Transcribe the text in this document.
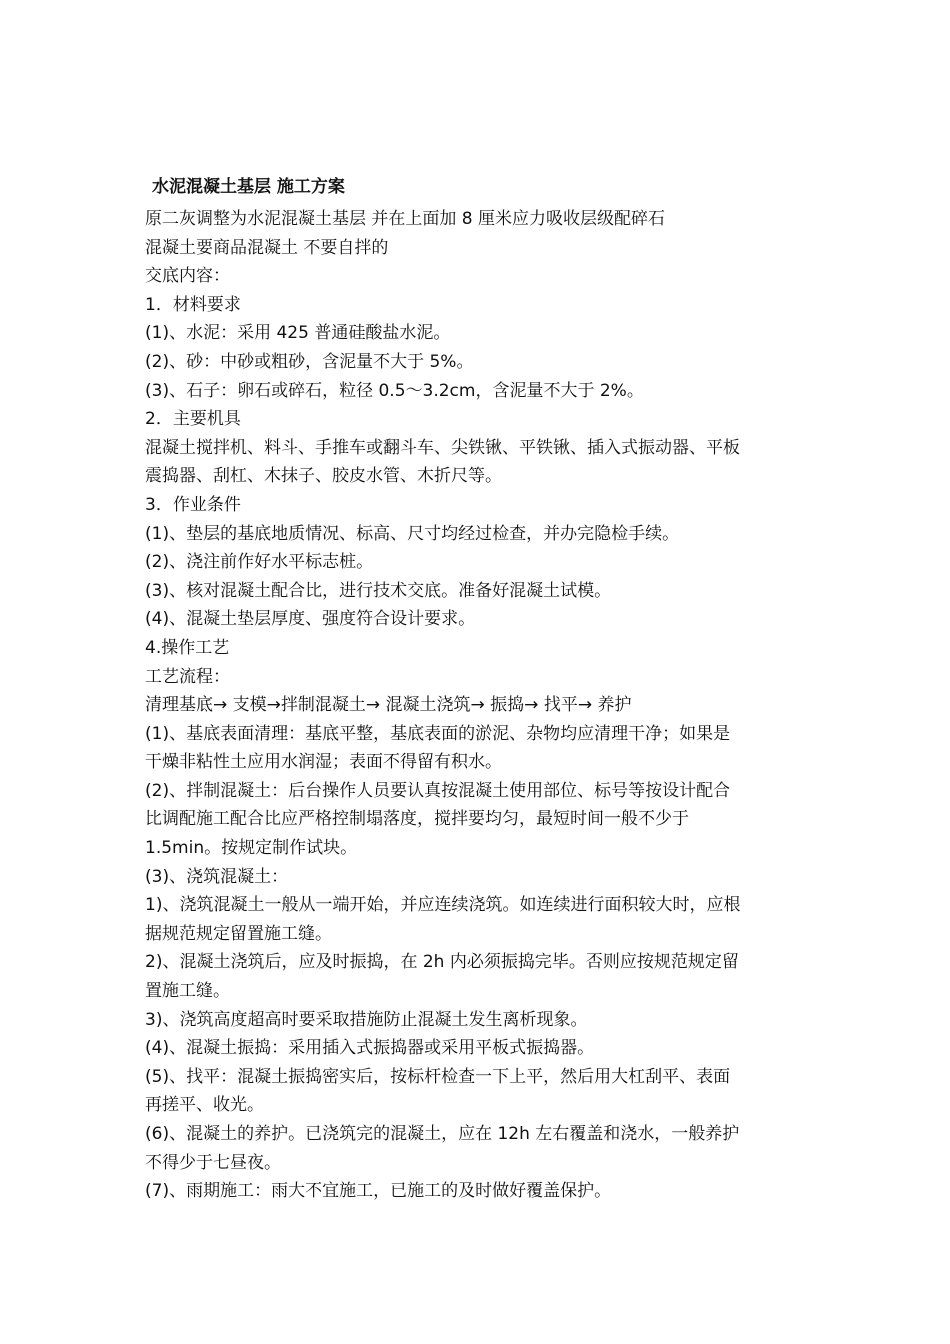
水泥混凝土基层 施工方案
原二灰调整为水泥混凝土基层 并在上面加 8 厘米应力吸收层级配碎石
混凝土要商品混凝土 不要自拌的
交底内容：
1．材料要求
(1)、水泥：采用 425 普通硅酸盐水泥。
(2)、砂：中砂或粗砂，含泥量不大于 5%。
(3)、石子：卵石或碎石，粒径 0.5～3.2cm，含泥量不大于 2%。
2．主要机具
混凝土搅拌机、料斗、手推车或翻斗车、尖铁锹、平铁锹、插入式振动器、平板
震捣器、刮杠、木抹子、胶皮水管、木折尺等。
3．作业条件
(1)、垫层的基底地质情况、标高、尺寸均经过检查，并办完隐检手续。
(2)、浇注前作好水平标志桩。
(3)、核对混凝土配合比，进行技术交底。准备好混凝土试模。
(4)、混凝土垫层厚度、强度符合设计要求。
4.操作工艺
工艺流程：
清理基底→ 支模→拌制混凝土→ 混凝土浇筑→ 振捣→ 找平→ 养护
(1)、基底表面清理：基底平整，基底表面的淤泥、杂物均应清理干净；如果是
干燥非粘性土应用水润湿；表面不得留有积水。
(2)、拌制混凝土：后台操作人员要认真按混凝土使用部位、标号等按设计配合
比调配施工配合比应严格控制塌落度，搅拌要均匀，最短时间一般不少于
1.5min。按规定制作试块。
(3)、浇筑混凝土：
1)、浇筑混凝土一般从一端开始，并应连续浇筑。如连续进行面积较大时，应根
据规范规定留置施工缝。
2)、混凝土浇筑后，应及时振捣，在 2h 内必须振捣完毕。否则应按规范规定留
置施工缝。
3)、浇筑高度超高时要采取措施防止混凝土发生离析现象。
(4)、混凝土振捣：采用插入式振捣器或采用平板式振捣器。
(5)、找平：混凝土振捣密实后，按标杆检查一下上平，然后用大杠刮平、表面
再搓平、收光。
(6)、混凝土的养护。已浇筑完的混凝土，应在 12h 左右覆盖和浇水，一般养护
不得少于七昼夜。
(7)、雨期施工：雨大不宜施工，已施工的及时做好覆盖保护。
